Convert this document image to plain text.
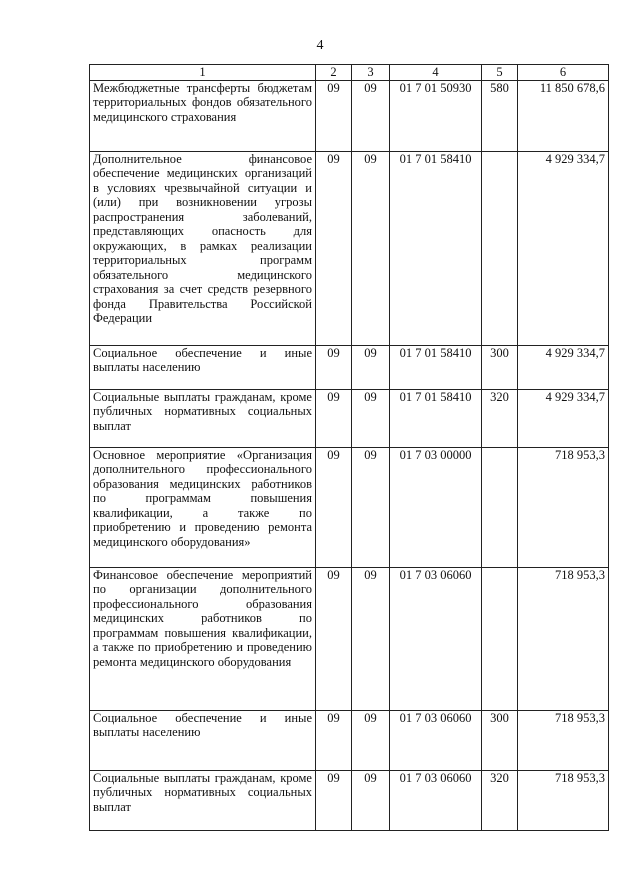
4
1	2	3	4	5	6
Межбюджетные трансферты бюджетам территориальных фондов обязательного медицинского страхования	09	09	01 7 01 50930	580	11 850 678,6
Дополнительное финансовое обеспечение медицинских организаций в условиях чрезвычайной ситуации и (или) при возникновении угрозы распространения заболеваний, представляющих опасность для окружающих, в рамках реализации территориальных программ обязательного медицинского страхования за счет средств резервного фонда Правительства Российской Федерации	09	09	01 7 01 58410		4 929 334,7
Социальное обеспечение и иные выплаты населению	09	09	01 7 01 58410	300	4 929 334,7
Социальные выплаты гражданам, кроме публичных нормативных социальных выплат	09	09	01 7 01 58410	320	4 929 334,7
Основное мероприятие «Организация дополнительного профессионального образования медицинских работников по программам повышения квалификации, а также по приобретению и проведению ремонта медицинского оборудования»	09	09	01 7 03 00000		718 953,3
Финансовое обеспечение мероприятий по организации дополнительного профессионального образования медицинских работников по программам повышения квалификации, а также по приобретению и проведению ремонта медицинского оборудования	09	09	01 7 03 06060		718 953,3
Социальное обеспечение и иные выплаты населению	09	09	01 7 03 06060	300	718 953,3
Социальные выплаты гражданам, кроме публичных нормативных социальных выплат	09	09	01 7 03 06060	320	718 953,3
